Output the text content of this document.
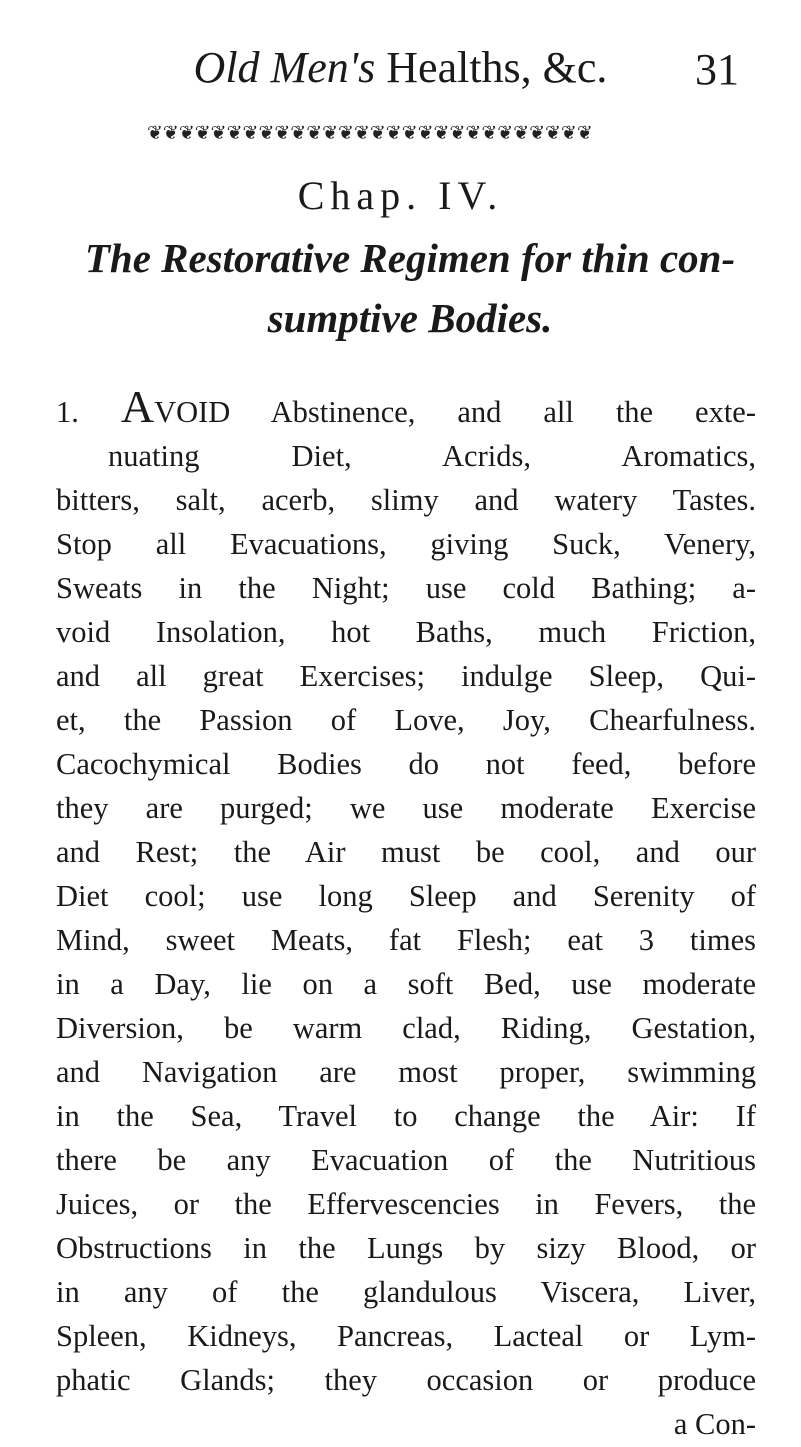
Old Men's Healths, &c. 31
❦❦❦❦❦❦❦❦❦❦❦❦❦❦❦❦❦❦❦❦❦❦❦❦❦❦❦❦
Chap. IV.
The Restorative Regimen for thin con-
sumptive Bodies.
1. AVOID Abstinence, and all the exte-
nuating Diet, Acrids, Aromatics,
bitters, salt, acerb, slimy and watery Tastes.
Stop all Evacuations, giving Suck, Venery,
Sweats in the Night; use cold Bathing; a-
void Insolation, hot Baths, much Friction,
and all great Exercises; indulge Sleep, Qui-
et, the Passion of Love, Joy, Chearfulness.
Cacochymical Bodies do not feed, before
they are purged; we use moderate Exercise
and Rest; the Air must be cool, and our
Diet cool; use long Sleep and Serenity of
Mind, sweet Meats, fat Flesh; eat 3 times
in a Day, lie on a soft Bed, use moderate
Diversion, be warm clad, Riding, Gestation,
and Navigation are most proper, swimming
in the Sea, Travel to change the Air: If
there be any Evacuation of the Nutritious
Juices, or the Effervescencies in Fevers, the
Obstructions in the Lungs by sizy Blood, or
in any of the glandulous Viscera, Liver,
Spleen, Kidneys, Pancreas, Lacteal or Lym-
phatic Glands; they occasion or produce
a Con-
